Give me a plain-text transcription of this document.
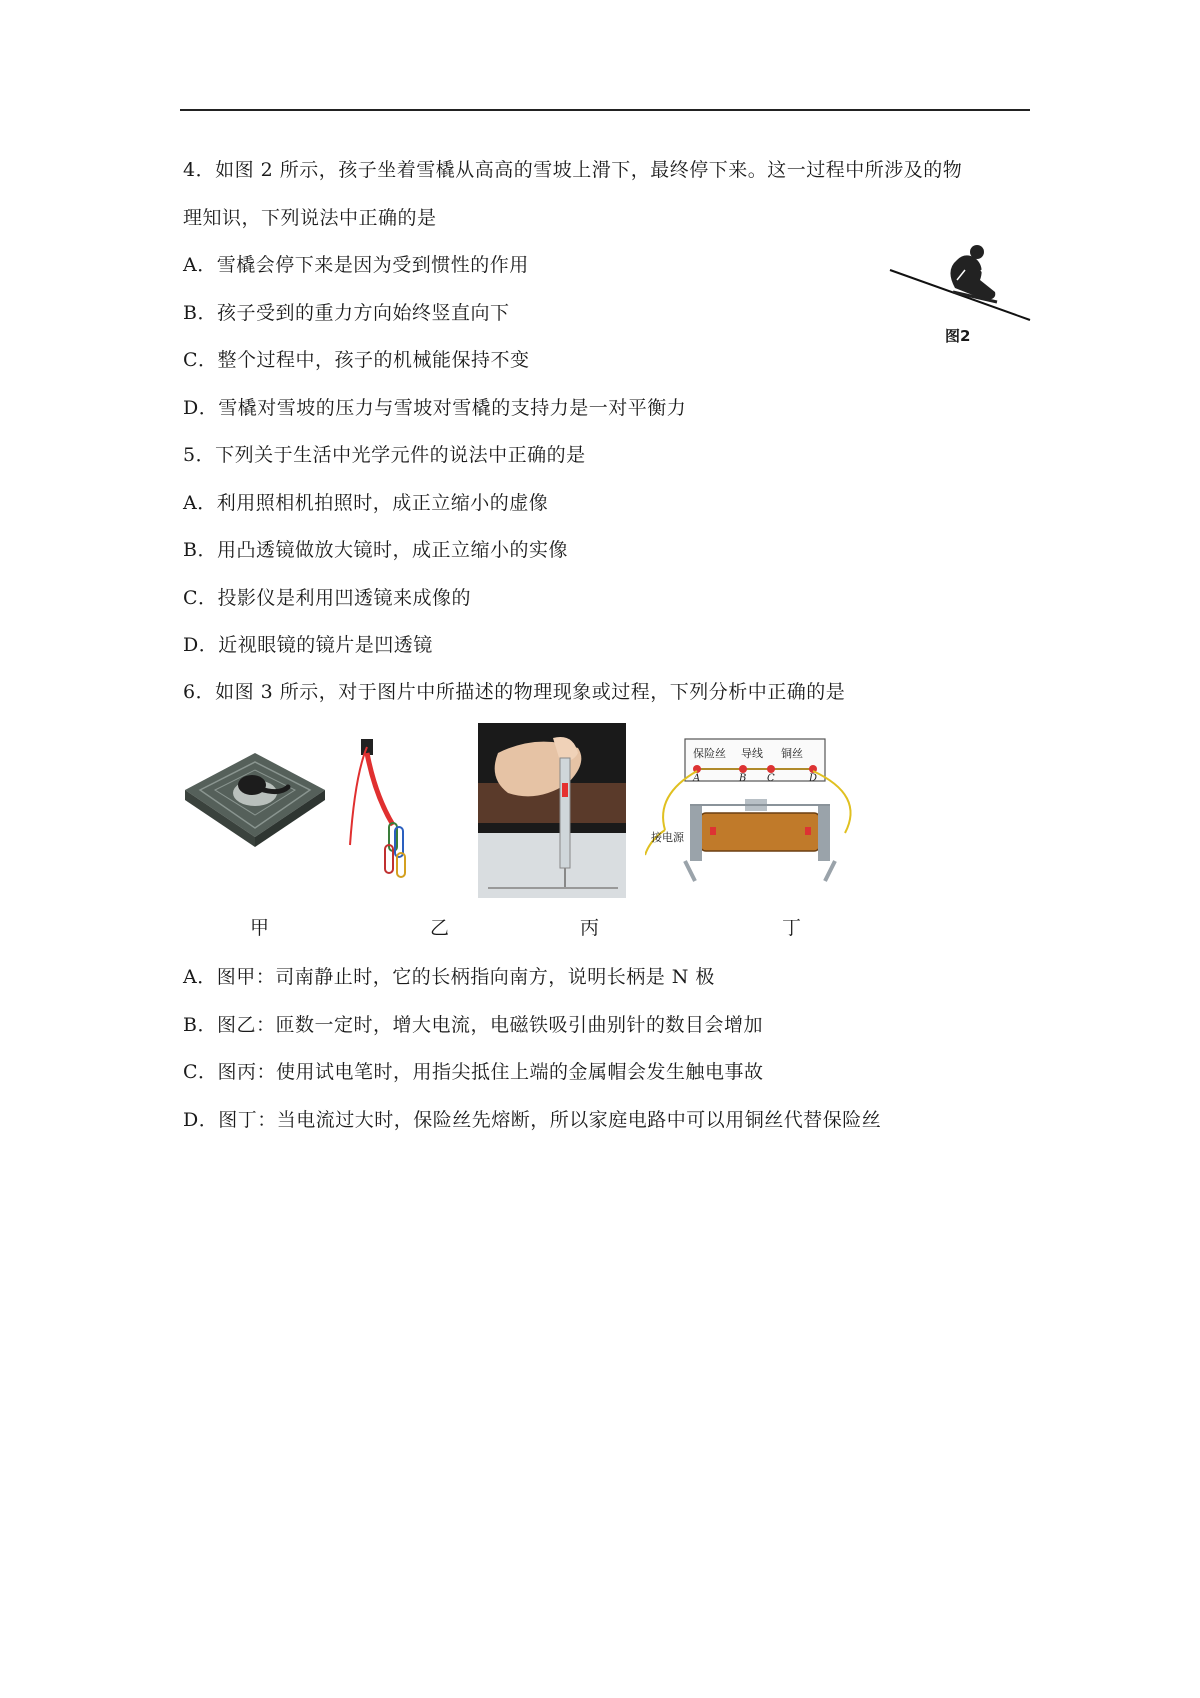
4．如图 2 所示，孩子坐着雪橇从高高的雪坡上滑下，最终停下来。这一过程中所涉及的物
理知识，下列说法中正确的是
A．雪橇会停下来是因为受到惯性的作用
B．孩子受到的重力方向始终竖直向下
C．整个过程中，孩子的机械能保持不变
D．雪橇对雪坡的压力与雪坡对雪橇的支持力是一对平衡力
图2
5．下列关于生活中光学元件的说法中正确的是
A．利用照相机拍照时，成正立缩小的虚像
B．用凸透镜做放大镜时，成正立缩小的实像
C．投影仪是利用凹透镜来成像的
D．近视眼镜的镜片是凹透镜
6．如图 3 所示，对于图片中所描述的物理现象或过程，下列分析中正确的是
保险丝 导线 铜丝
A	B C	D
接电源
甲	乙	丙	丁
A．图甲：司南静止时，它的长柄指向南方，说明长柄是 N 极
B．图乙：匝数一定时，增大电流，电磁铁吸引曲别针的数目会增加
C．图丙：使用试电笔时，用指尖抵住上端的金属帽会发生触电事故
D．图丁：当电流过大时，保险丝先熔断，所以家庭电路中可以用铜丝代替保险丝
